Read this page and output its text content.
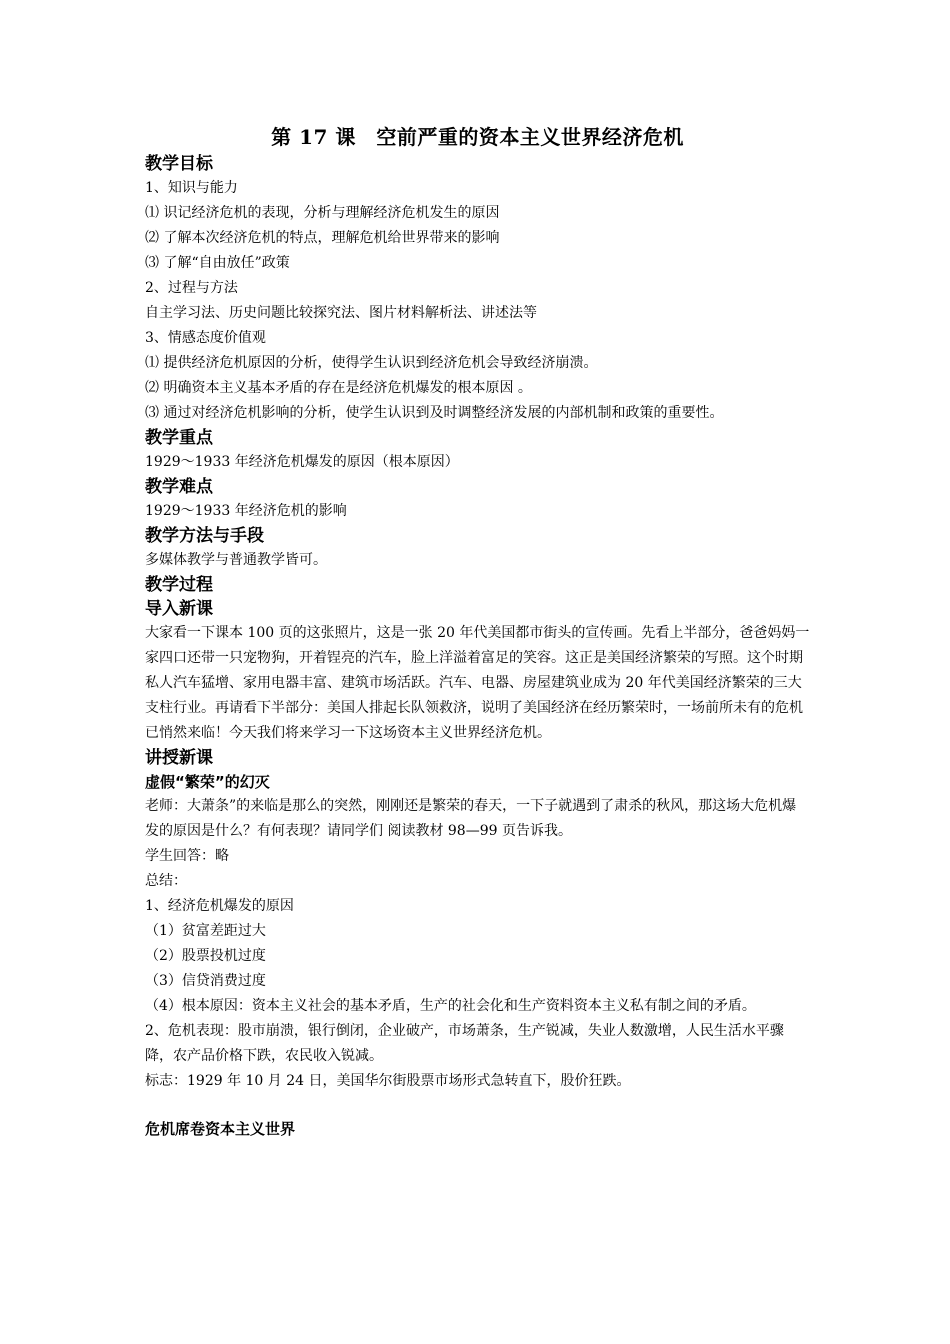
第 17 课　空前严重的资本主义世界经济危机

教学目标

1、知识与能力

⑴ 识记经济危机的表现，分析与理解经济危机发生的原因

⑵ 了解本次经济危机的特点，理解危机给世界带来的影响

⑶ 了解“自由放任”政策

2、过程与方法

自主学习法、历史问题比较探究法、图片材料解析法、讲述法等

3、情感态度价值观

⑴ 提供经济危机原因的分析，使得学生认识到经济危机会导致经济崩溃。

⑵ 明确资本主义基本矛盾的存在是经济危机爆发的根本原因 。

⑶ 通过对经济危机影响的分析，使学生认识到及时调整经济发展的内部机制和政策的重要性。

教学重点

1929～1933 年经济危机爆发的原因（根本原因）

教学难点

1929～1933 年经济危机的影响

教学方法与手段

多媒体教学与普通教学皆可。

教学过程

导入新课

大家看一下课本 100 页的这张照片，这是一张 20 年代美国都市街头的宣传画。先看上半部分，爸爸妈妈一家四口还带一只宠物狗，开着锃亮的汽车，脸上洋溢着富足的笑容。这正是美国经济繁荣的写照。这个时期私人汽车猛增、家用电器丰富、建筑市场活跃。汽车、电器、房屋建筑业成为 20 年代美国经济繁荣的三大支柱行业。再请看下半部分：美国人排起长队领救济，说明了美国经济在经历繁荣时，一场前所未有的危机已悄然来临！今天我们将来学习一下这场资本主义世界经济危机。

讲授新课

虚假“繁荣”的幻灭

老师：大萧条”的来临是那么的突然，刚刚还是繁荣的春天，一下子就遇到了肃杀的秋风，那这场大危机爆发的原因是什么？有何表现？请同学们 阅读教材 98—99 页告诉我。

学生回答：略

总结：

1、经济危机爆发的原因

（1）贫富差距过大

（2）股票投机过度

（3）信贷消费过度

（4）根本原因：资本主义社会的基本矛盾，生产的社会化和生产资料资本主义私有制之间的矛盾。

2、危机表现：股市崩溃，银行倒闭，企业破产，市场萧条，生产锐减，失业人数激增，人民生活水平骤降，农产品价格下跌，农民收入锐减。

标志：1929 年 10 月 24 日，美国华尔街股票市场形式急转直下，股价狂跌。

危机席卷资本主义世界
